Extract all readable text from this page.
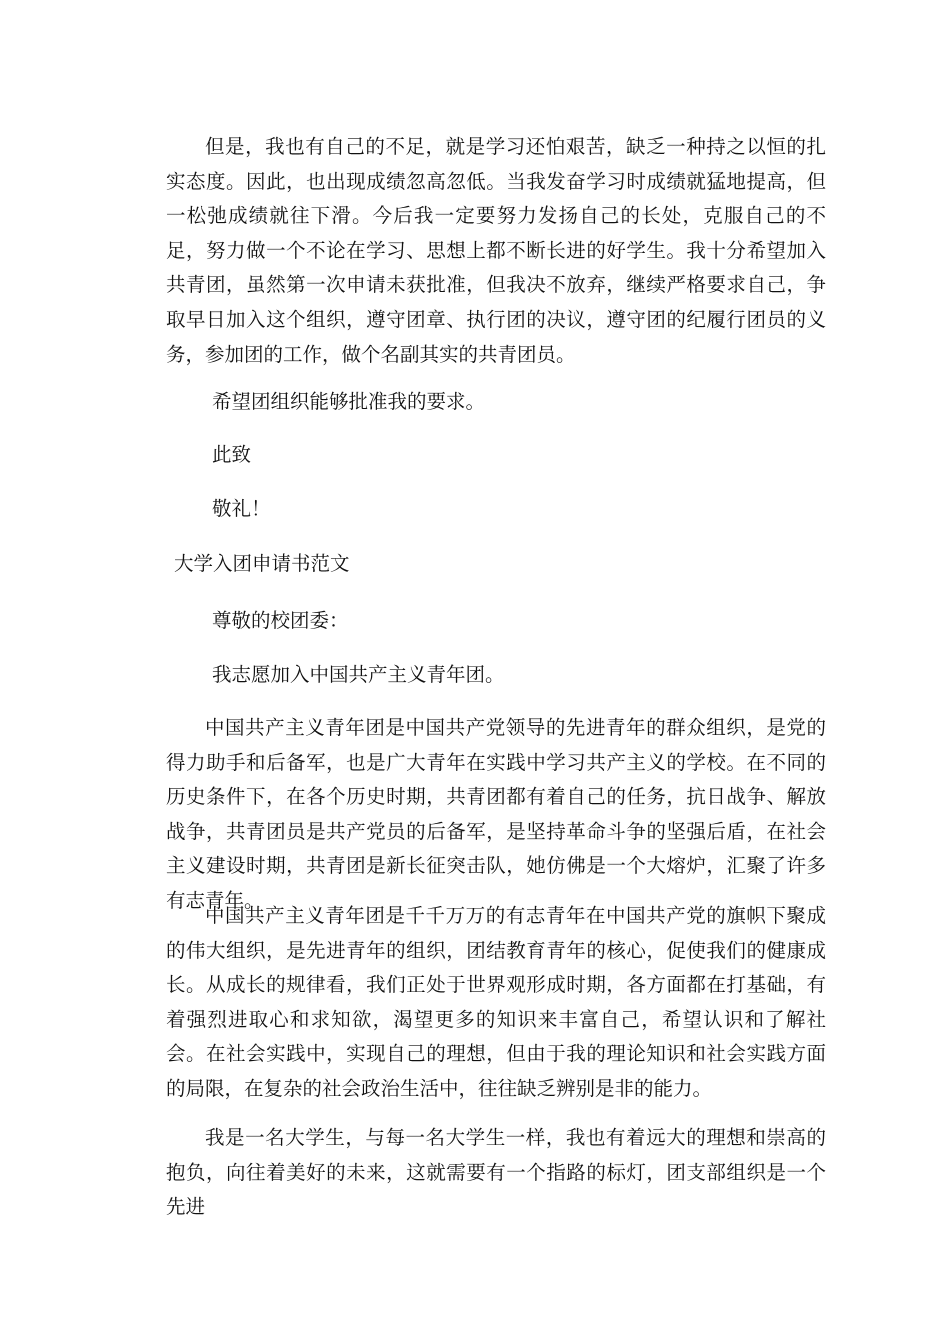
但是，我也有自己的不足，就是学习还怕艰苦，缺乏一种持之以恒的扎实态度。因此，也出现成绩忽高忽低。当我发奋学习时成绩就猛地提高，但一松弛成绩就往下滑。今后我一定要努力发扬自己的长处，克服自己的不足，努力做一个不论在学习、思想上都不断长进的好学生。我十分希望加入共青团，虽然第一次申请未获批准，但我决不放弃，继续严格要求自己，争取早日加入这个组织，遵守团章、执行团的决议，遵守团的纪履行团员的义务，参加团的工作，做个名副其实的共青团员。

希望团组织能够批准我的要求。

此致

敬礼！

大学入团申请书范文

尊敬的校团委：

我志愿加入中国共产主义青年团。

中国共产主义青年团是中国共产党领导的先进青年的群众组织，是党的得力助手和后备军，也是广大青年在实践中学习共产主义的学校。在不同的历史条件下，在各个历史时期，共青团都有着自己的任务，抗日战争、解放战争，共青团员是共产党员的后备军，是坚持革命斗争的坚强后盾，在社会主义建设时期，共青团是新长征突击队，她仿佛是一个大熔炉，汇聚了许多有志青年。

中国共产主义青年团是千千万万的有志青年在中国共产党的旗帜下聚成的伟大组织，是先进青年的组织，团结教育青年的核心，促使我们的健康成长。从成长的规律看，我们正处于世界观形成时期，各方面都在打基础，有着强烈进取心和求知欲，渴望更多的知识来丰富自己，希望认识和了解社会。在社会实践中，实现自己的理想，但由于我的理论知识和社会实践方面的局限，在复杂的社会政治生活中，往往缺乏辨别是非的能力。

我是一名大学生，与每一名大学生一样，我也有着远大的理想和崇高的抱负，向往着美好的未来，这就需要有一个指路的标灯，团支部组织是一个先进
